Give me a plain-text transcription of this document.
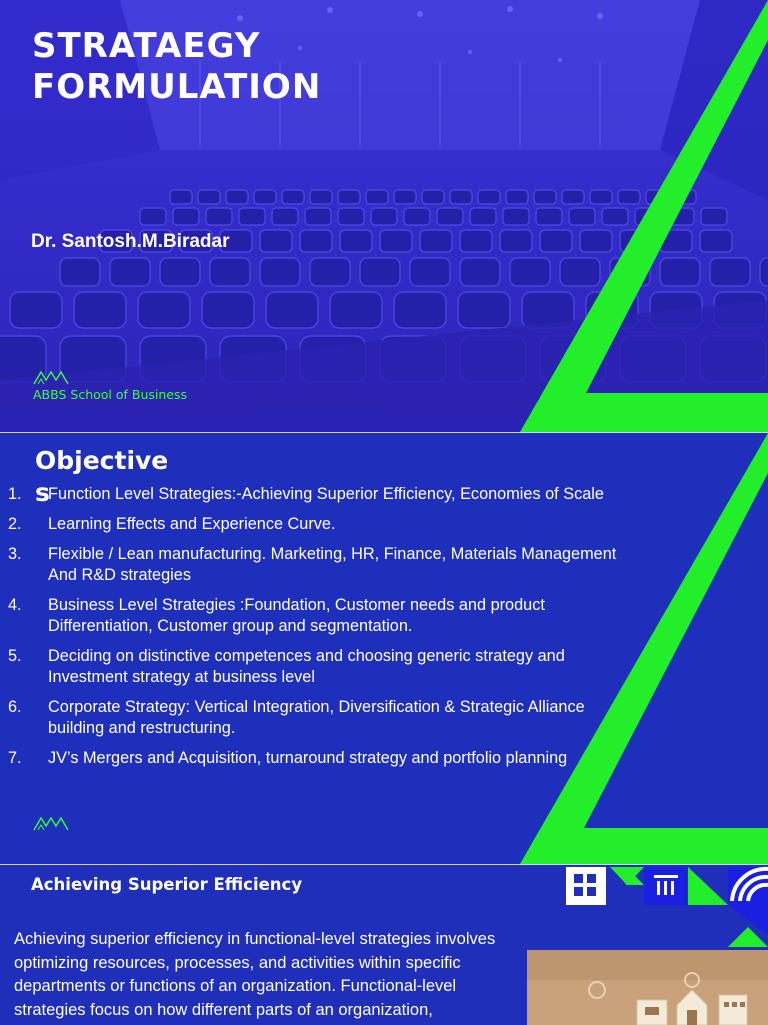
STRATAEGY
FORMULATION
Dr. Santosh.M.Biradar
ABBS School of Business
Objectives
1. Function Level Strategies:-Achieving Superior Efficiency, Economies of Scale
2. Learning Effects and Experience Curve.
3. Flexible / Lean manufacturing. Marketing, HR, Finance, Materials Management And R&D strategies
4. Business Level Strategies :Foundation, Customer needs and product Differentiation, Customer group and segmentation.
5. Deciding on distinctive competences and choosing generic strategy and Investment strategy at business level
6. Corporate Strategy: Vertical Integration, Diversification & Strategic Alliance building and restructuring.
7. JV’s Mergers and Acquisition, turnaround strategy and portfolio planning
Achieving Superior Efficiency
Achieving superior efficiency in functional-level strategies involves optimizing resources, processes, and activities within specific departments or functions of an organization. Functional-level strategies focus on how different parts of an organization,
